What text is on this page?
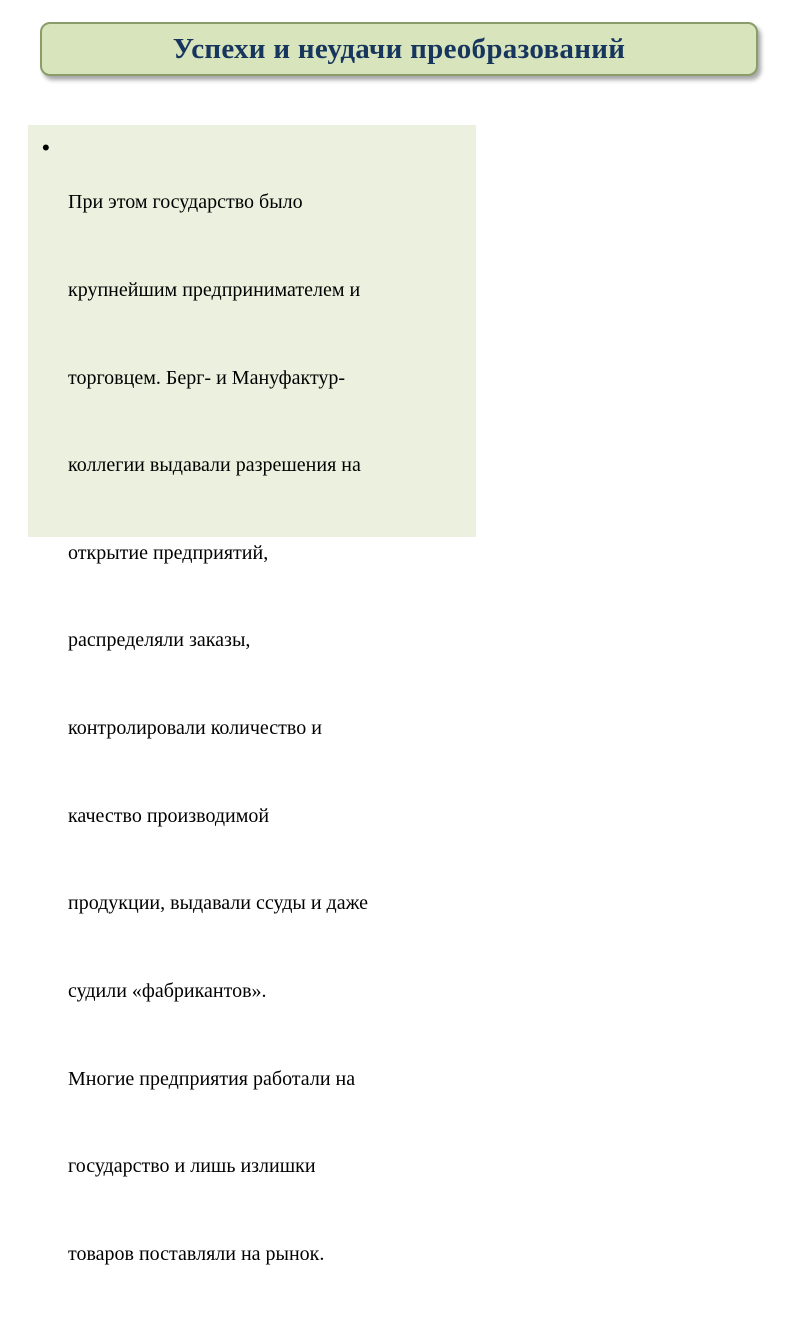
Успехи и неудачи преобразований
•

При этом государство было

крупнейшим предпринимателем и

торговцем. Берг- и Мануфактур-

коллегии выдавали разрешения на

открытие предприятий,

распределяли заказы,

контролировали количество и

качество производимой

продукции, выдавали ссуды и даже

судили «фабрикантов».

Многие предприятия работали на

государство и лишь излишки

товаров поставляли на рынок.
